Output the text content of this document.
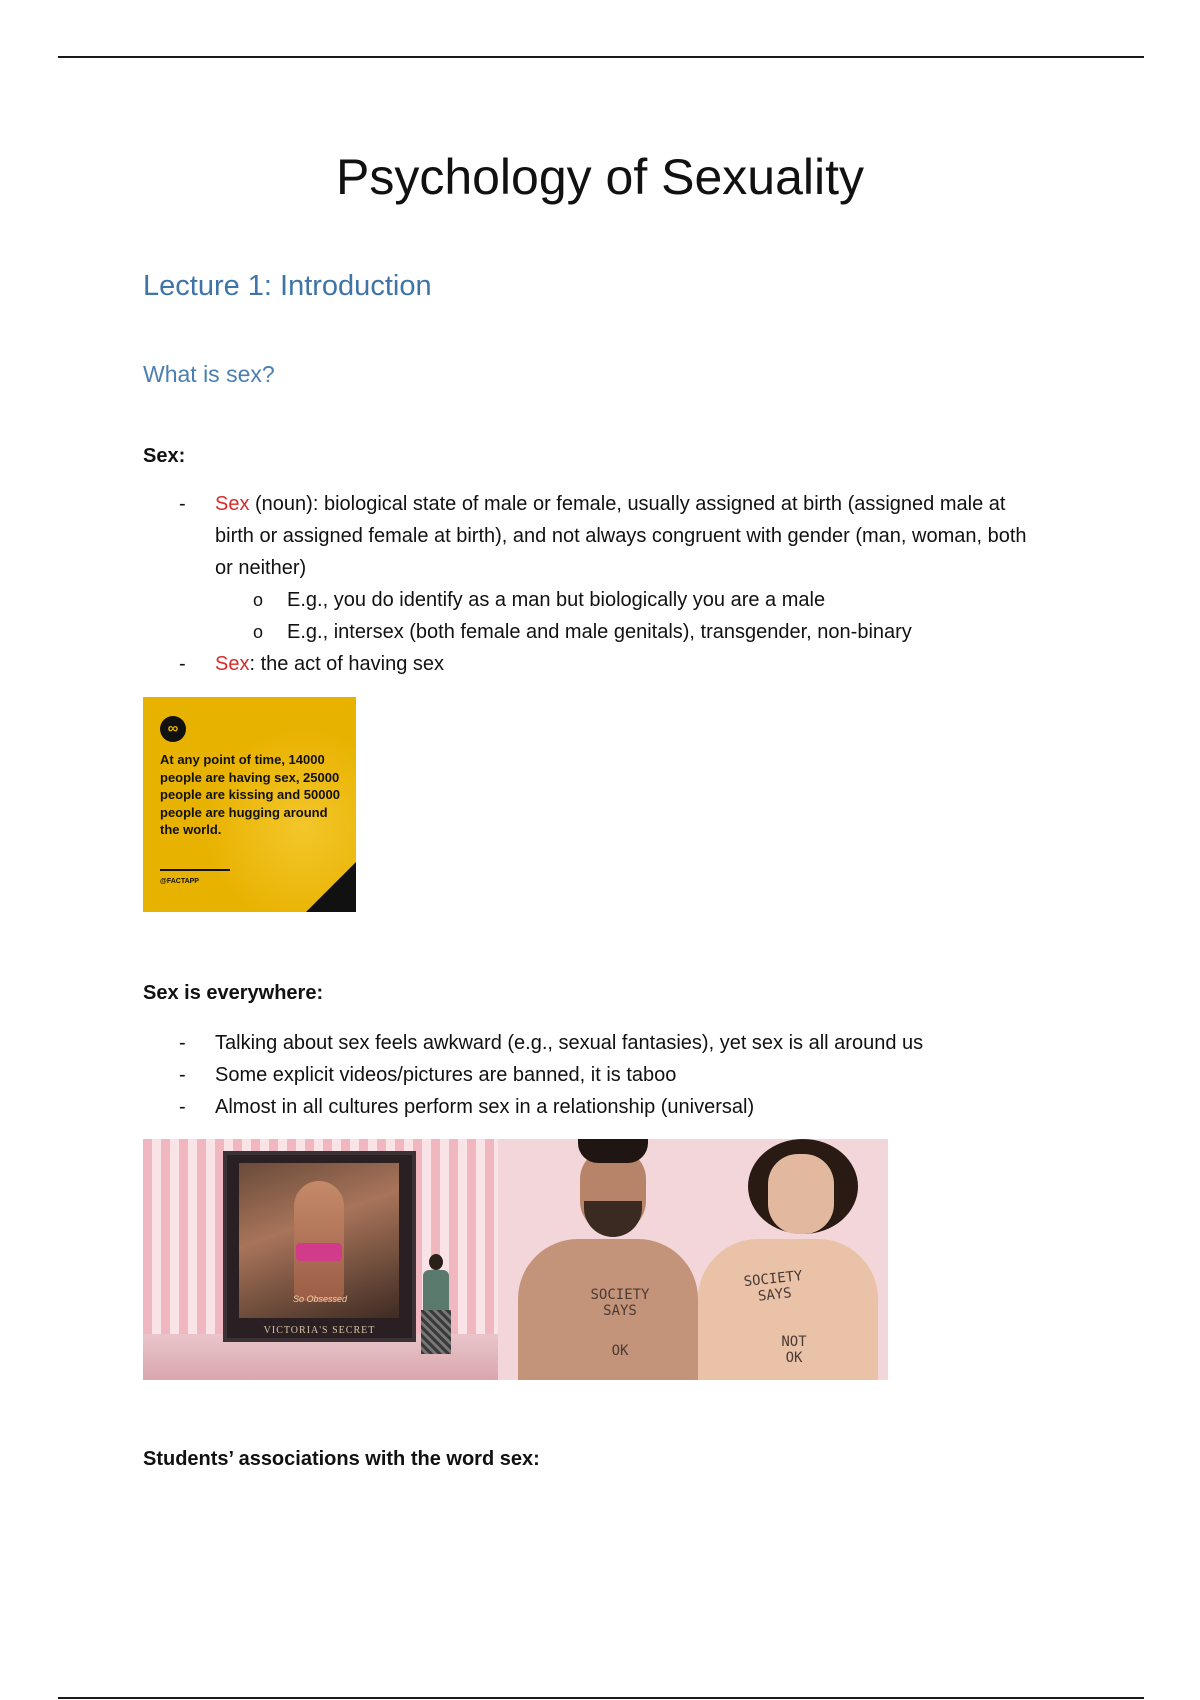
Psychology of Sexuality
Lecture 1: Introduction
What is sex?
Sex:
- Sex (noun): biological state of male or female, usually assigned at birth (assigned male at birth or assigned female at birth), and not always congruent with gender (man, woman, both or neither)
o E.g., you do identify as a man but biologically you are a male
o E.g., intersex (both female and male genitals), transgender, non-binary
- Sex: the act of having sex
∞
At any point of time, 14000 people are having sex, 25000 people are kissing and 50000 people are hugging around the world.
@FACTAPP
Sex is everywhere:
- Talking about sex feels awkward (e.g., sexual fantasies), yet sex is all around us
- Some explicit videos/pictures are banned, it is taboo
- Almost in all cultures perform sex in a relationship (universal)
So Obsessed
VICTORIA'S SECRET
SOCIETY SAYS
OK
SOCIETY SAYS
NOT OK
Students’ associations with the word sex:
